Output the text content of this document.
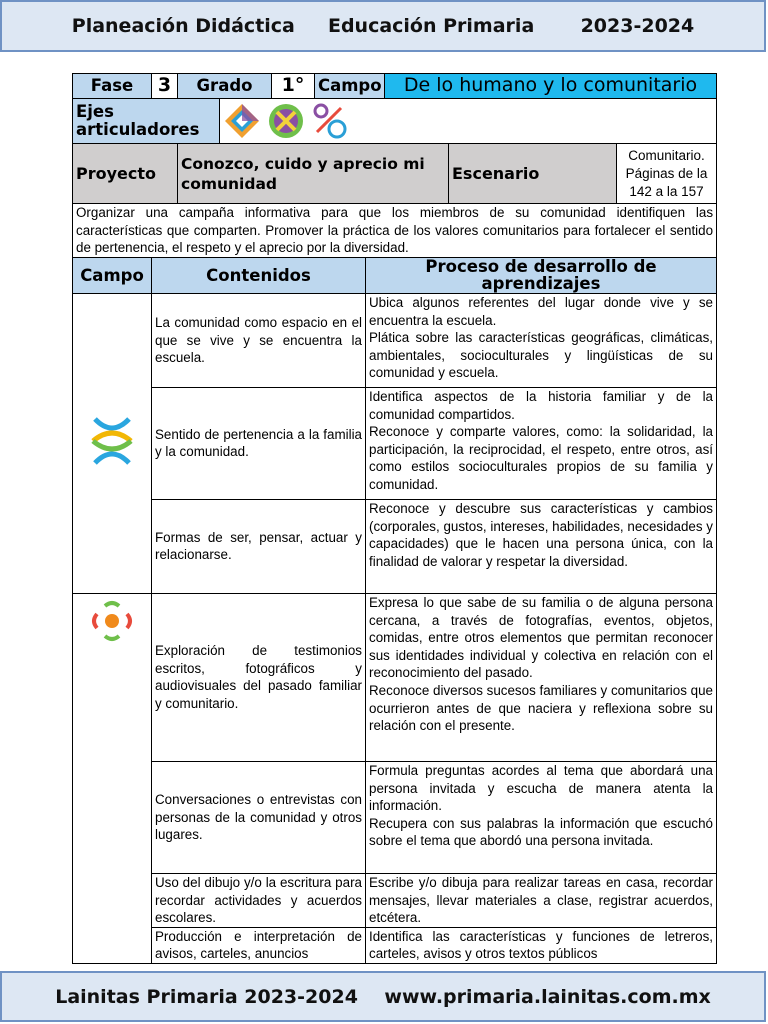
Planeación Didáctica
Educación Primaria
2023-2024
Fase	3	Grado		1°	Campo	De lo humano y lo comunitario		
Ejes articuladores	
Proyecto		Conozco, cuido y aprecio mi comunidad					Escenario	Comunitario. Páginas de la 142 a la 157
Organizar una campaña informativa para que los miembros de su comunidad identifiquen las características que comparten. Promover la práctica de los valores comunitarios para fortalecer el sentido de pertenencia, el respeto y el aprecio por la diversidad.								
Campo	Contenidos	Proceso de desarrollo de aprendizajes
	La comunidad como espacio en el que se vive y se encuentra la escuela.	Ubica algunos referentes del lugar donde vive y se encuentra la escuela.
Plática sobre las características geográficas, climáticas, ambientales, socioculturales y lingüísticas de su comunidad y escuela.
	Sentido de pertenencia a la familia y la comunidad.	Identifica aspectos de la historia familiar y de la comunidad compartidos.
Reconoce y comparte valores, como: la solidaridad, la participación, la reciprocidad, el respeto, entre otros, así como estilos socioculturales propios de su familia y comunidad.
	Formas de ser, pensar, actuar y relacionarse.	Reconoce y descubre sus características y cambios (corporales, gustos, intereses, habilidades, necesidades y capacidades) que le hacen una persona única, con la finalidad de valorar y respetar la diversidad.
	Exploración de testimonios escritos, fotográficos y audiovisuales del pasado familiar y comunitario.	Expresa lo que sabe de su familia o de alguna persona cercana, a través de fotografías, eventos, objetos, comidas, entre otros elementos que permitan reconocer sus identidades individual y colectiva en relación con el reconocimiento del pasado.
Reconoce diversos sucesos familiares y comunitarios que ocurrieron antes de que naciera y reflexiona sobre su relación con el presente.
	Conversaciones o entrevistas con personas de la comunidad y otros lugares.	Formula preguntas acordes al tema que abordará una persona invitada y escucha de manera atenta la información.
Recupera con sus palabras la información que escuchó sobre el tema que abordó una persona invitada.
	Uso del dibujo y/o la escritura para recordar actividades y acuerdos escolares.	Escribe y/o dibuja para realizar tareas en casa, recordar mensajes, llevar materiales a clase, registrar acuerdos, etcétera.
	Producción e interpretación de avisos, carteles, anuncios	Identifica las características y funciones de letreros, carteles, avisos y otros textos públicos
Lainitas Primaria 2023-2024
www.primaria.lainitas.com.mx
